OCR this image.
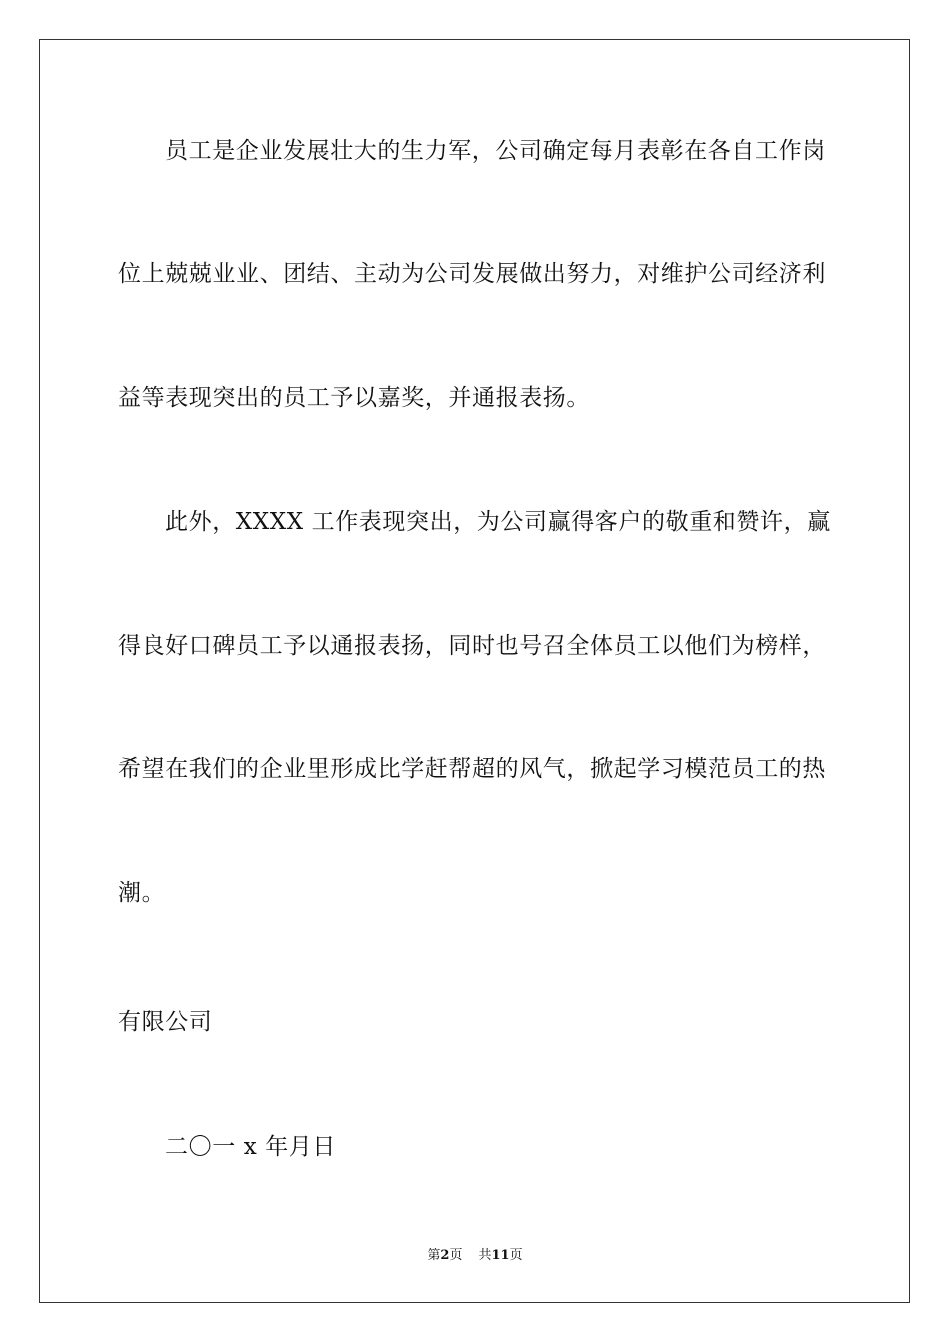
员工是企业发展壮大的生力军，公司确定每月表彰在各自工作岗
位上兢兢业业、团结、主动为公司发展做出努力，对维护公司经济利
益等表现突出的员工予以嘉奖，并通报表扬。
此外，XXXX 工作表现突出，为公司赢得客户的敬重和赞许，赢
得良好口碑员工予以通报表扬，同时也号召全体员工以他们为榜样，
希望在我们的企业里形成比学赶帮超的风气，掀起学习模范员工的热
潮。
有限公司
二〇一 x 年月日
第2页 共11页
